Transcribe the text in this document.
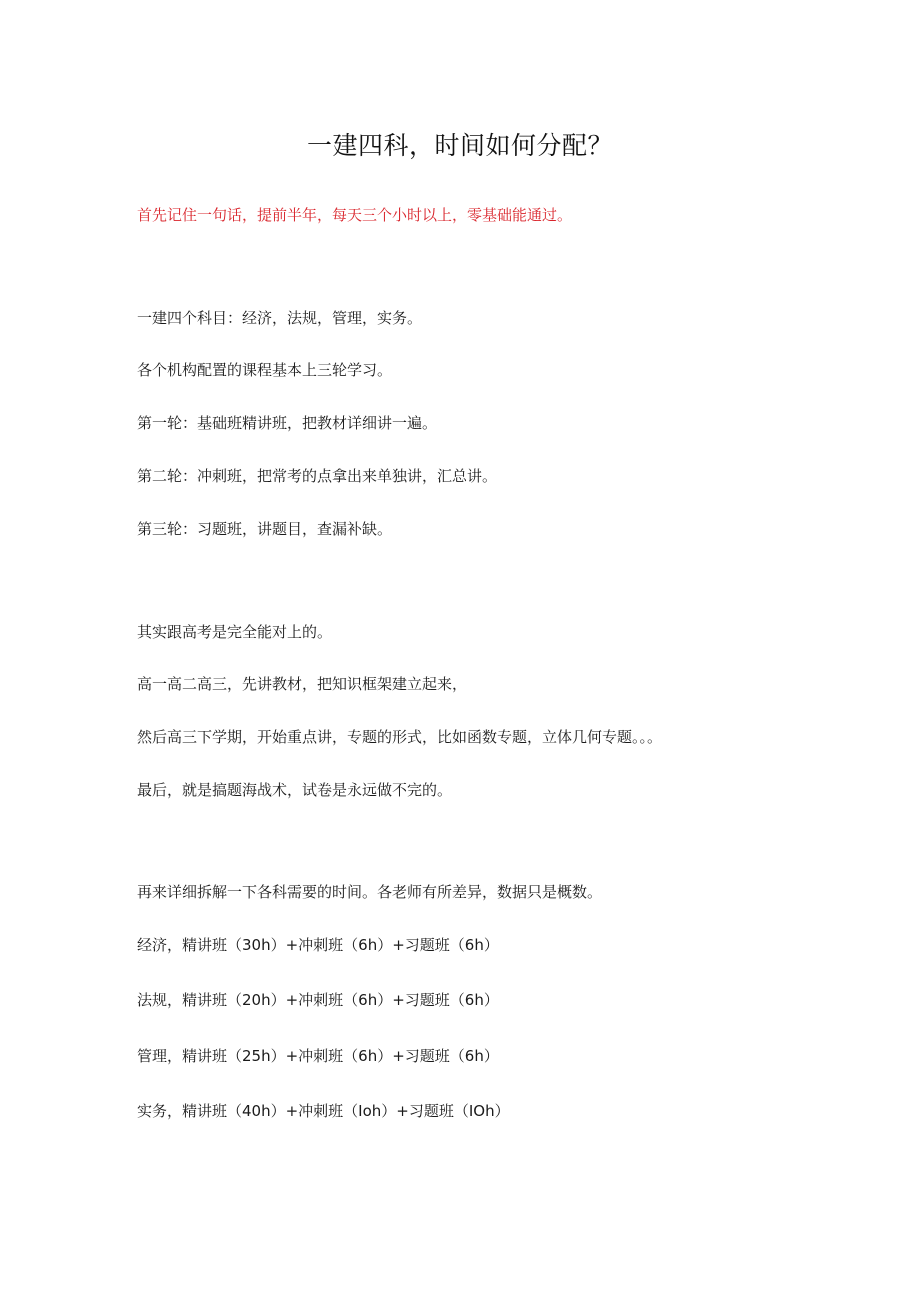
一建四科，时间如何分配？
首先记住一句话，提前半年，每天三个小时以上，零基础能通过。
一建四个科目：经济，法规，管理，实务。
各个机构配置的课程基本上三轮学习。
第一轮：基础班精讲班，把教材详细讲一遍。
第二轮：冲刺班，把常考的点拿出来单独讲，汇总讲。
第三轮：习题班，讲题目，查漏补缺。
其实跟高考是完全能对上的。
高一高二高三，先讲教材，把知识框架建立起来，
然后高三下学期，开始重点讲，专题的形式，比如函数专题，立体几何专题。。。
最后，就是搞题海战术，试卷是永远做不完的。
再来详细拆解一下各科需要的时间。各老师有所差异，数据只是概数。
经济，精讲班（30h）+冲刺班（6h）+习题班（6h）
法规，精讲班（20h）+冲刺班（6h）+习题班（6h）
管理，精讲班（25h）+冲刺班（6h）+习题班（6h）
实务，精讲班（40h）+冲刺班（Ioh）+习题班（IOh）
